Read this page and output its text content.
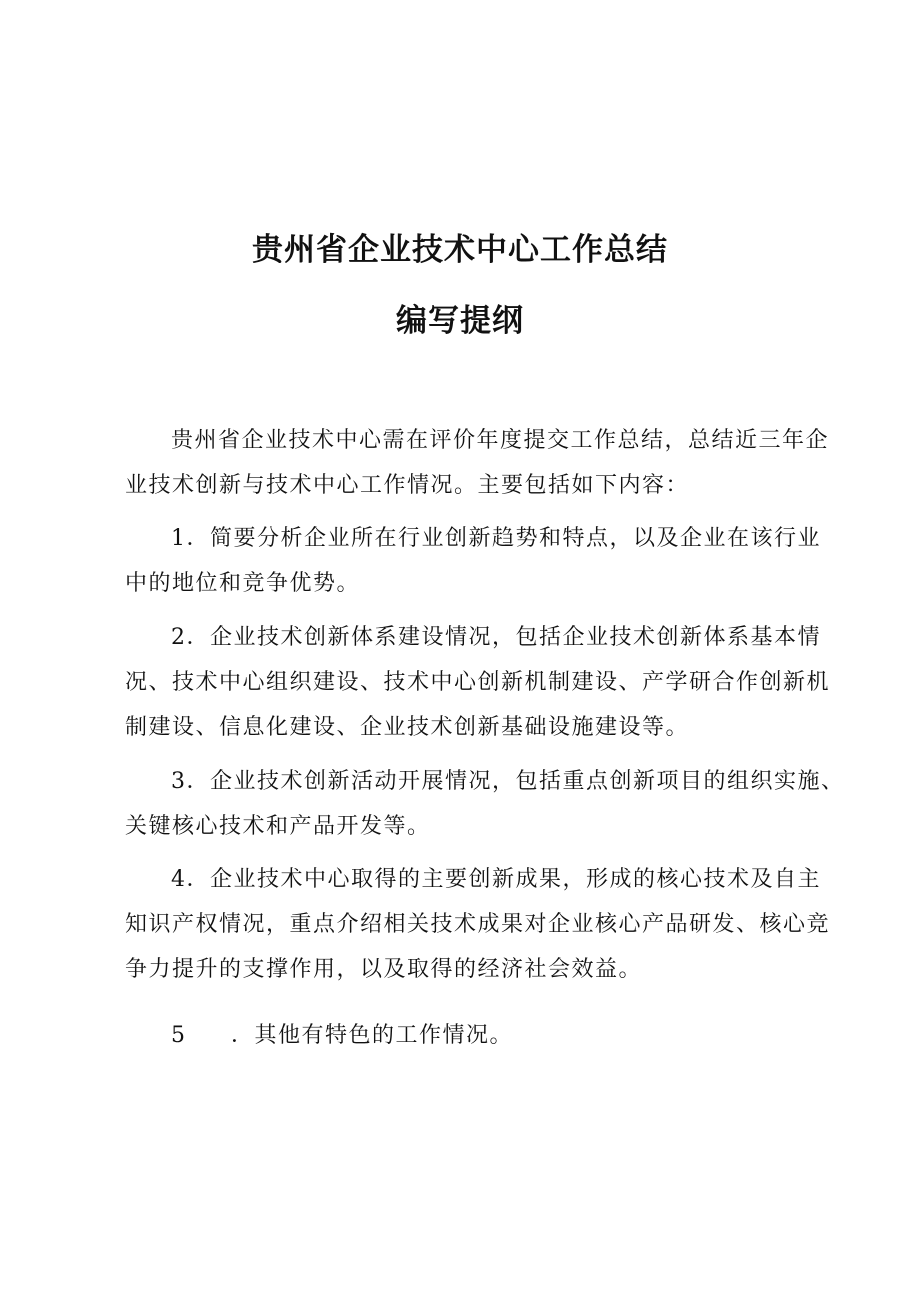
贵州省企业技术中心工作总结
编写提纲
贵州省企业技术中心需在评价年度提交工作总结，总结近三年企
业技术创新与技术中心工作情况。主要包括如下内容：
1．简要分析企业所在行业创新趋势和特点，以及企业在该行业
中的地位和竞争优势。
2．企业技术创新体系建设情况，包括企业技术创新体系基本情
况、技术中心组织建设、技术中心创新机制建设、产学研合作创新机
制建设、信息化建设、企业技术创新基础设施建设等。
3．企业技术创新活动开展情况，包括重点创新项目的组织实施、
关键核心技术和产品开发等。
4．企业技术中心取得的主要创新成果，形成的核心技术及自主
知识产权情况，重点介绍相关技术成果对企业核心产品研发、核心竞
争力提升的支撑作用，以及取得的经济社会效益。
5 ．其他有特色的工作情况。
